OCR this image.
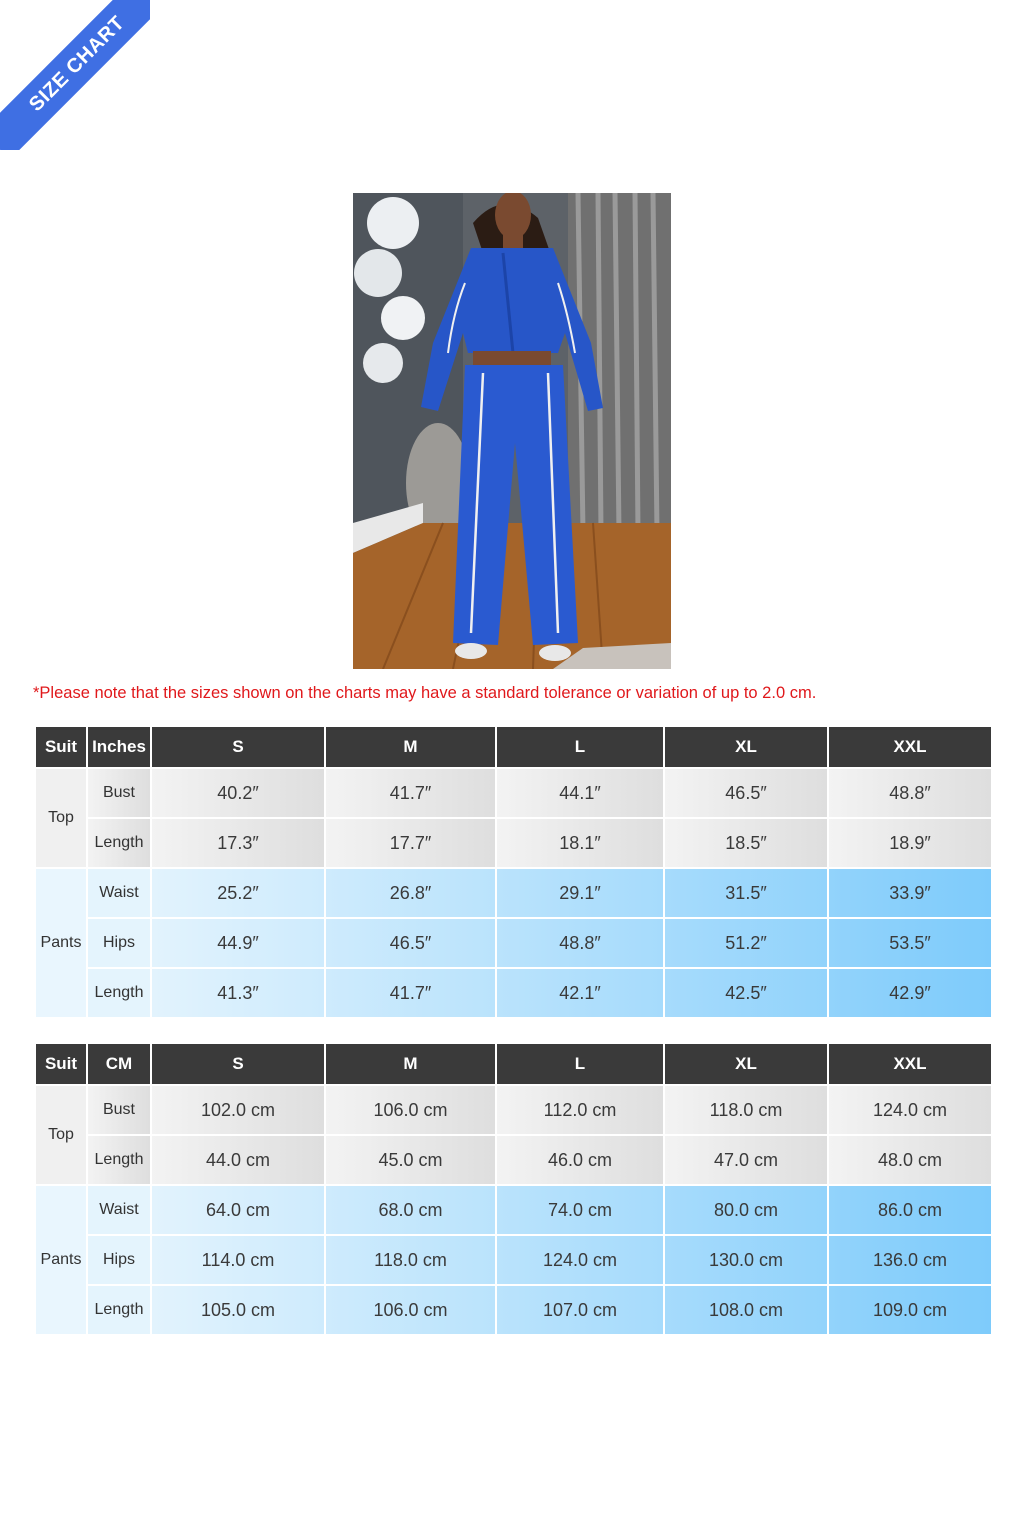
SIZE CHART
*Please note that the sizes shown on the charts may have a standard tolerance or variation of up to 2.0 cm.
Suit	Inches	S	M	L	XL	XXL
Top	Bust	40.2″	41.7″	44.1″	46.5″	48.8″
	Length	17.3″	17.7″	18.1″	18.5″	18.9″
Pants	Waist	25.2″	26.8″	29.1″	31.5″	33.9″
	Hips	44.9″	46.5″	48.8″	51.2″	53.5″
	Length	41.3″	41.7″	42.1″	42.5″	42.9″
Suit	CM	S	M	L	XL	XXL
Top	Bust	102.0 cm	106.0 cm	112.0 cm	118.0 cm	124.0 cm
	Length	44.0 cm	45.0 cm	46.0 cm	47.0 cm	48.0 cm
Pants	Waist	64.0 cm	68.0 cm	74.0 cm	80.0 cm	86.0 cm
	Hips	114.0 cm	118.0 cm	124.0 cm	130.0 cm	136.0 cm
	Length	105.0 cm	106.0 cm	107.0 cm	108.0 cm	109.0 cm
